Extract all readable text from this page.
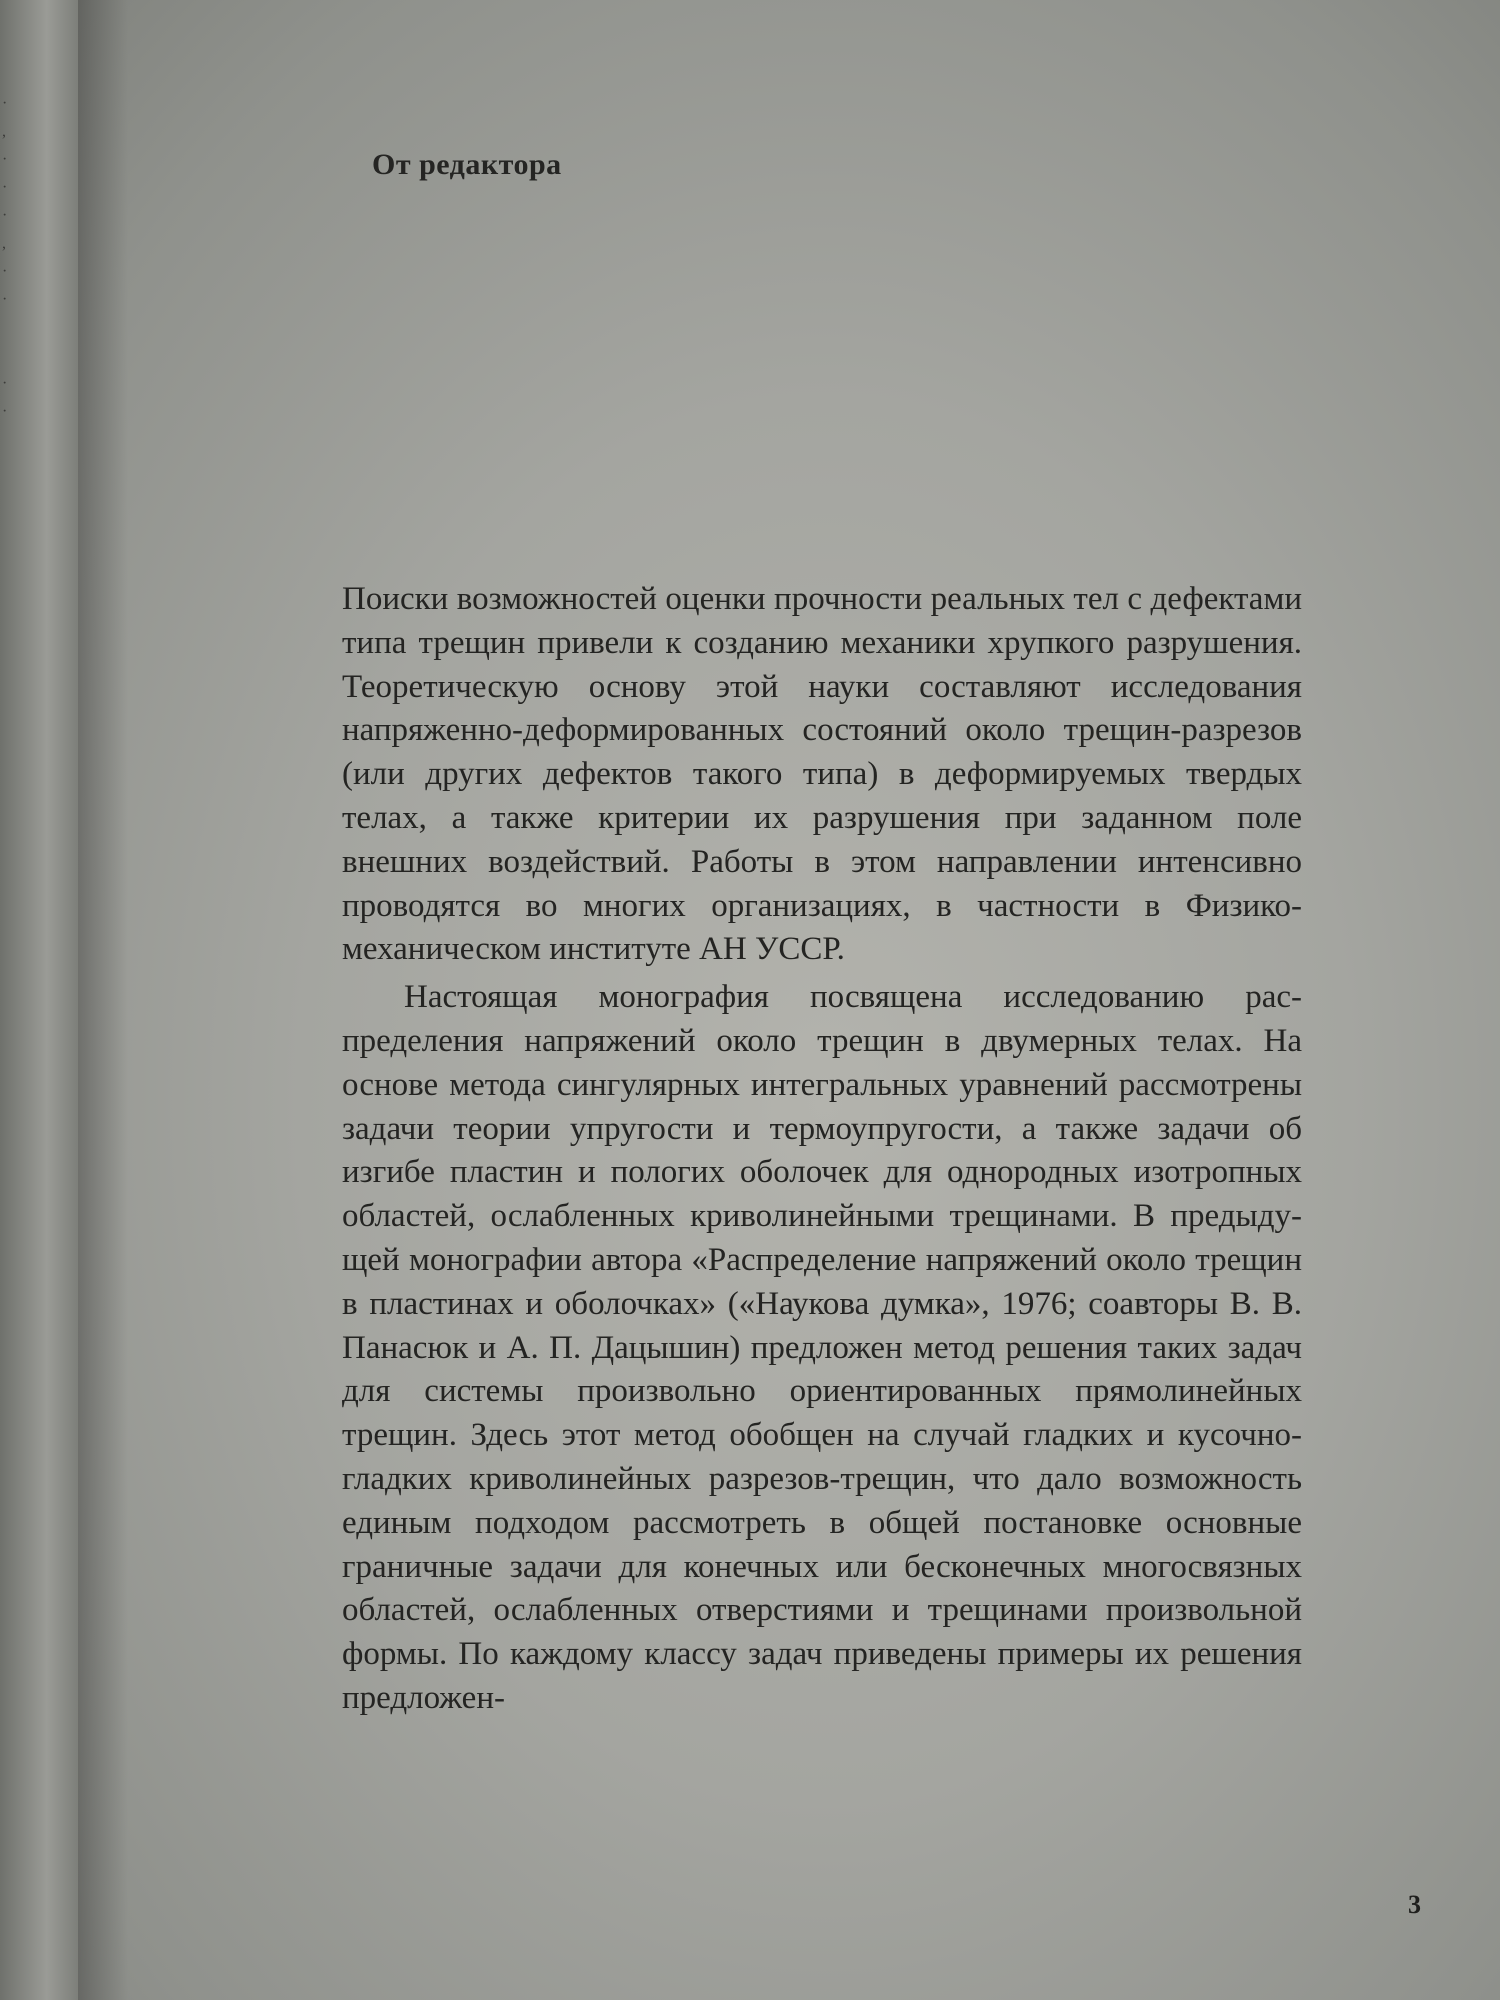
·
,
·
·
·
,
·
·

·
·
От редактора

Поиски возможностей оценки прочности реальных тел с дефектами типа трещин привели к созданию механики хрупкого разрушения. Теоретическую основу этой науки составляют исследования напряженно-деформированных состояний около трещин-разрезов (или других дефектов такого типа) в деформируемых твердых телах, а также критерии их разрушения при заданном поле внешних воздействий. Работы в этом направлении интенсивно проводятся во многих организациях, в частности в Физико-механическом институте АН УССР.

Настоящая монография посвящена исследованию распределения напряжений около трещин в двумерных телах. На основе метода сингулярных интегральных уравнений рассмотрены задачи теории упругости и термоупругости, а также задачи об изгибе пластин и пологих оболочек для однородных изотропных областей, ослабленных криволинейными трещинами. В предыдущей монографии автора «Распределение напряжений около трещин в пластинах и оболочках» («Наукова думка», 1976; соавторы В. В. Панасюк и А. П. Дацышин) предложен метод решения таких задач для системы произвольно ориентированных прямолинейных трещин. Здесь этот метод обобщен на случай гладких и кусочногладких криволинейных разрезов-трещин, что дало возможность единым подходом рассмотреть в общей постановке основные граничные задачи для конечных или бесконечных многосвязных областей, ослабленных отверстиями и трещинами произвольной формы. По каждому классу задач приведены примеры их решения предложен-

3
